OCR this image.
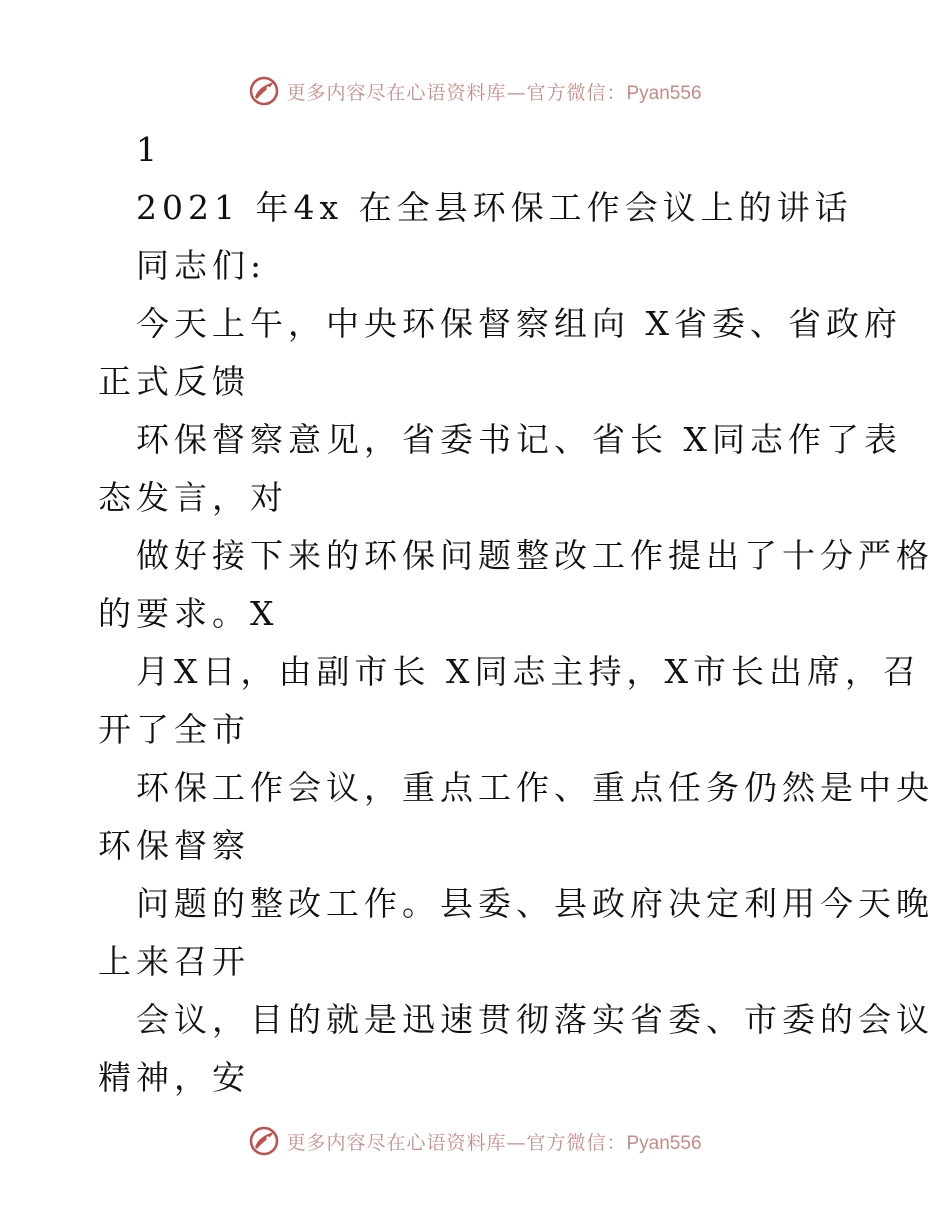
更多内容尽在心语资料库—官方微信：Pyan556
1
2021 年4x 在全县环保工作会议上的讲话
同志们:
今天上午，中央环保督察组向 X省委、省政府
正式反馈
环保督察意见，省委书记、省长 X同志作了表
态发言，对
做好接下来的环保问题整改工作提出了十分严格
的要求。X
月X日，由副市长 X同志主持，X市长出席，召
开了全市
环保工作会议，重点工作、重点任务仍然是中央
环保督察
问题的整改工作。县委、县政府决定利用今天晚
上来召开
会议，目的就是迅速贯彻落实省委、市委的会议
精神，安
更多内容尽在心语资料库—官方微信：Pyan556
